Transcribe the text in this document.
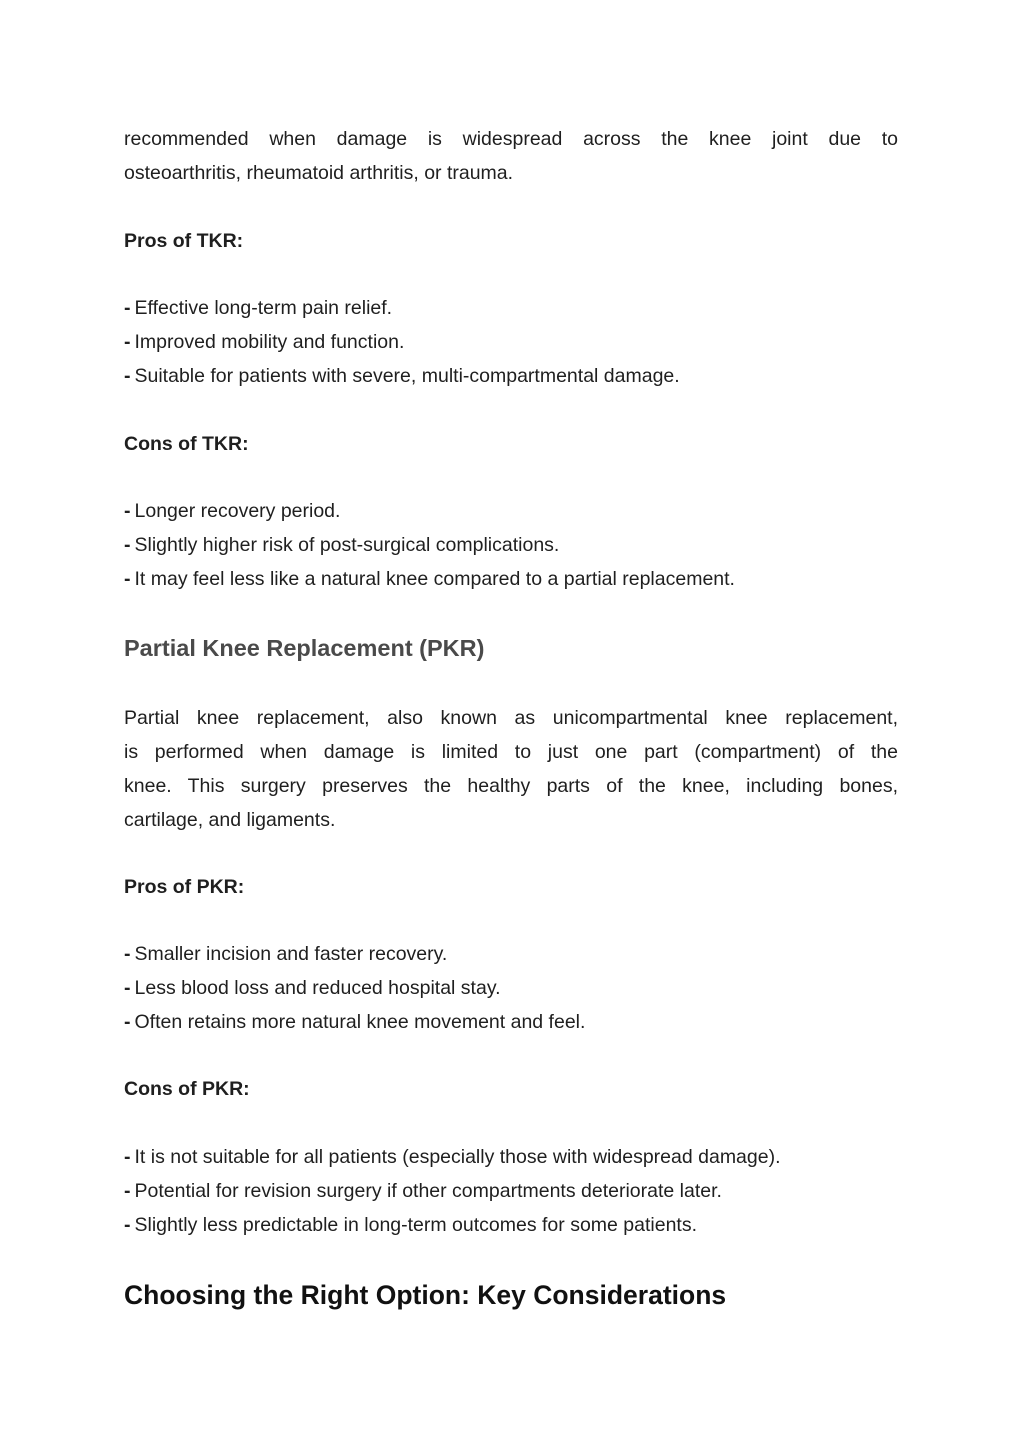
recommended when damage is widespread across the knee joint due to
osteoarthritis, rheumatoid arthritis, or trauma.

Pros of TKR:

- Effective long-term pain relief.
- Improved mobility and function.
- Suitable for patients with severe, multi-compartmental damage.

Cons of TKR:

- Longer recovery period.
- Slightly higher risk of post-surgical complications.
- It may feel less like a natural knee compared to a partial replacement.
Partial Knee Replacement (PKR)

Partial knee replacement, also known as unicompartmental knee replacement,
is performed when damage is limited to just one part (compartment) of the
knee. This surgery preserves the healthy parts of the knee, including bones,
cartilage, and ligaments.

Pros of PKR:

- Smaller incision and faster recovery.
- Less blood loss and reduced hospital stay.
- Often retains more natural knee movement and feel.

Cons of PKR:

- It is not suitable for all patients (especially those with widespread damage).
- Potential for revision surgery if other compartments deteriorate later.
- Slightly less predictable in long-term outcomes for some patients.
Choosing the Right Option: Key Considerations
